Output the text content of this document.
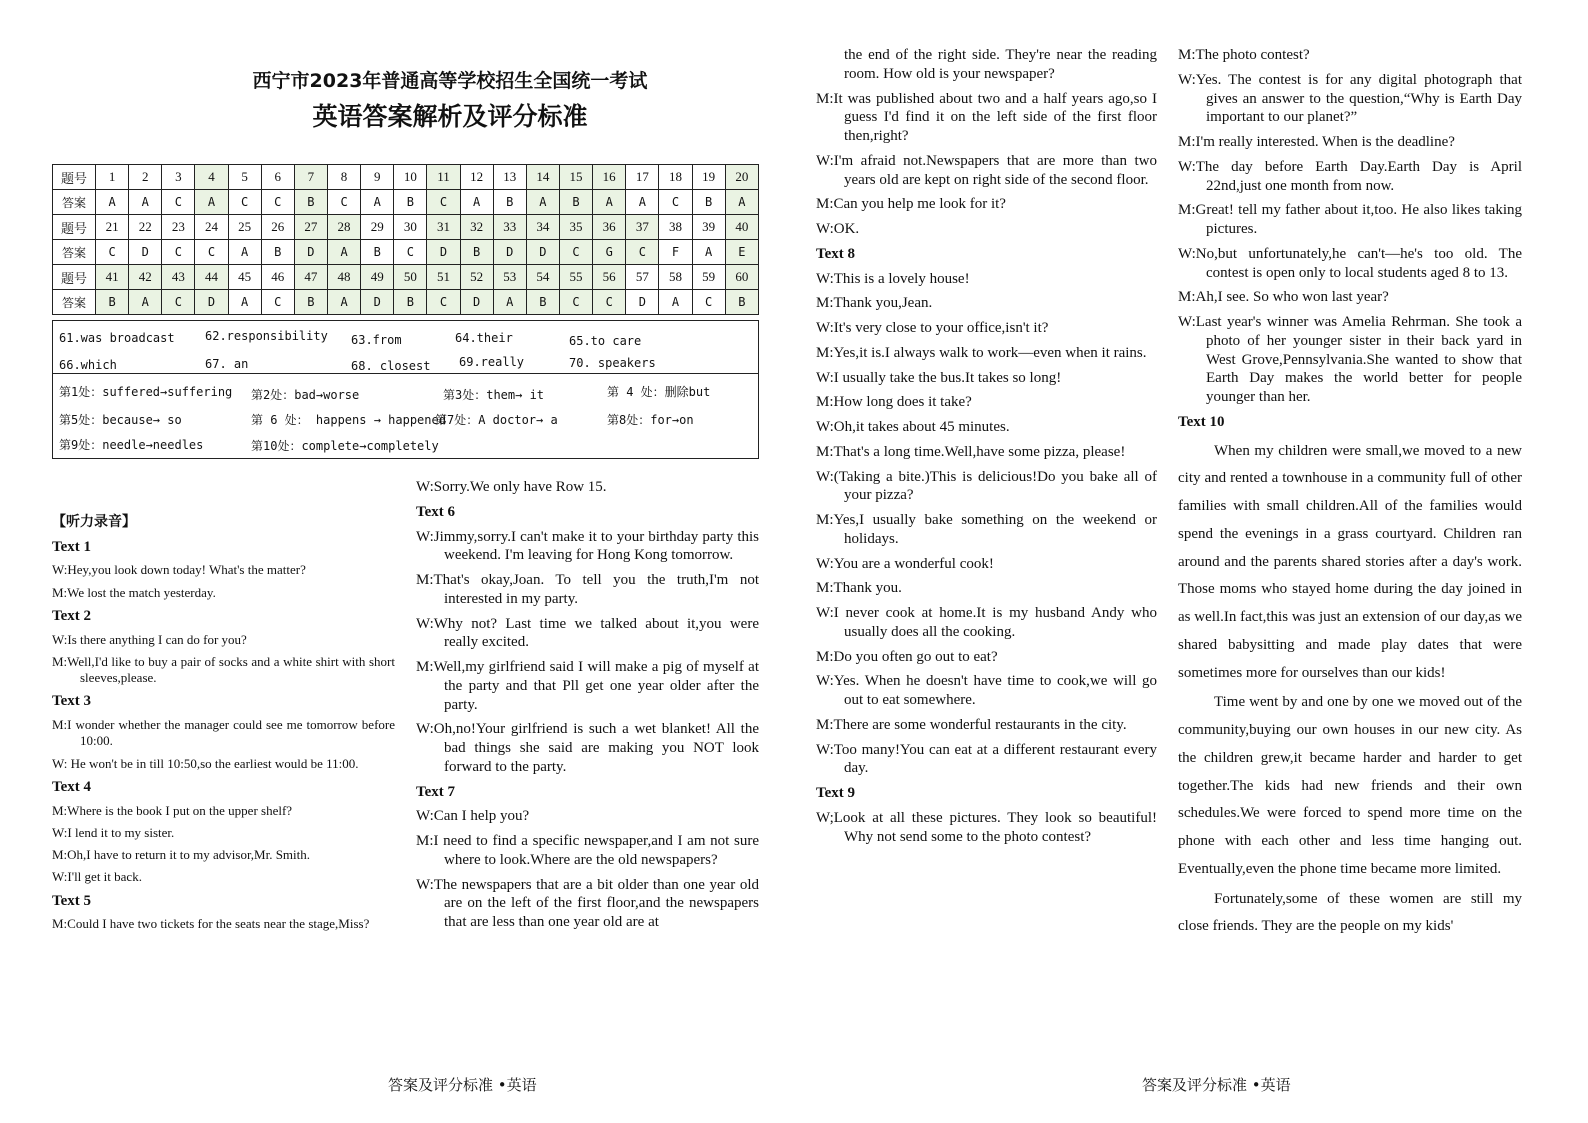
西宁市2023年普通高等学校招生全国统一考试
英语答案解析及评分标准
题号	1	2	3	4	5	6	7	8	9	10	11	12	13	14	15	16	17	18	19	20
答案	A	A	C	A	C	C	B	C	A	B	C	A	B	A	B	A	A	C	B	A
题号	21	22	23	24	25	26	27	28	29	30	31	32	33	34	35	36	37	38	39	40
答案	C	D	C	C	A	B	D	A	B	C	D	B	D	D	C	G	C	F	A	E
题号	41	42	43	44	45	46	47	48	49	50	51	52	53	54	55	56	57	58	59	60
答案	B	A	C	D	A	C	B	A	D	B	C	D	A	B	C	C	D	A	C	B
61.was broadcast	62.responsibility 63.from	64.their	65.to care
66.which	67. an	68. closest 69.really	70. speakers
第1处：suffered→suffering 第2处：bad→worse	第3处：them→ it	第 4 处：删除but
第5处：because→ so	第 6 处： happens → happened
第7处：A doctor→ a	第8处：for→on
第9处：needle→needles	第10处：complete→completely
【听力录音】
Text 1
W:Hey,you look down today! What's the matter?
M:We lost the match yesterday.
Text 2
W:Is there anything I can do for you?
M:Well,I'd like to buy a pair of socks and a white shirt with short sleeves,please.
Text 3
M:I wonder whether the manager could see me tomorrow before 10:00.
W: He won't be in till 10:50,so the earliest would be 11:00.
Text 4
M:Where is the book I put on the upper shelf?
W:I lend it to my sister.
M:Oh,I have to return it to my advisor,Mr. Smith.
W:I'll get it back.
Text 5
M:Could I have two tickets for the seats near the stage,Miss?
W:Sorry.We only have Row 15.
Text 6
W:Jimmy,sorry.I can't make it to your birthday party this weekend. I'm leaving for Hong Kong tomorrow.
M:That's okay,Joan. To tell you the truth,I'm not interested in my party.
W:Why not? Last time we talked about it,you were really excited.
M:Well,my girlfriend said I will make a pig of myself at the party and that Pll get one year older after the party.
W:Oh,no!Your girlfriend is such a wet blanket! All the bad things she said are making you NOT look forward to the party.
Text 7
W:Can I help you?
M:I need to find a specific newspaper,and I am not sure where to look.Where are the old newspapers?
W:The newspapers that are a bit older than one year old are on the left of the first floor,and the newspapers that are less than one year old are at
the end of the right side. They're near the reading room. How old is your newspaper?
M:It was published about two and a half years ago,so I guess I'd find it on the left side of the first floor then,right?
W:I'm afraid not.Newspapers that are more than two years old are kept on right side of the second floor.
M:Can you help me look for it?
W:OK.
Text 8
W:This is a lovely house!
M:Thank you,Jean.
W:It's very close to your office,isn't it?
M:Yes,it is.I always walk to work—even when it rains.
W:I usually take the bus.It takes so long!
M:How long does it take?
W:Oh,it takes about 45 minutes.
M:That's a long time.Well,have some pizza, please!
W:(Taking a bite.)This is delicious!Do you bake all of your pizza?
M:Yes,I usually bake something on the weekend or holidays.
W:You are a wonderful cook!
M:Thank you.
W:I never cook at home.It is my husband Andy who usually does all the cooking.
M:Do you often go out to eat?
W:Yes. When he doesn't have time to cook,we will go out to eat somewhere.
M:There are some wonderful restaurants in the city.
W:Too many!You can eat at a different restaurant every day.
Text 9
W;Look at all these pictures. They look so beautiful! Why not send some to the photo contest?
M:The photo contest?
W:Yes. The contest is for any digital photograph that gives an answer to the question,“Why is Earth Day important to our planet?”
M:I'm really interested. When is the deadline?
W:The day before Earth Day.Earth Day is April 22nd,just one month from now.
M:Great! tell my father about it,too. He also likes taking pictures.
W:No,but unfortunately,he can't—he's too old. The contest is open only to local students aged 8 to 13.
M:Ah,I see. So who won last year?
W:Last year's winner was Amelia Rehrman. She took a photo of her younger sister in their back yard in West Grove,Pennsylvania.She wanted to show that Earth Day makes the world better for people younger than her.
Text 10
When my children were small,we moved to a new city and rented a townhouse in a community full of other families with small children.All of the families would spend the evenings in a grass courtyard. Children ran around and the parents shared stories after a day's work. Those moms who stayed home during the day joined in as well.In fact,this was just an extension of our day,as we shared babysitting and made play dates that were sometimes more for ourselves than our kids!
Time went by and one by one we moved out of the community,buying our own houses in our new city. As the children grew,it became harder and harder to get together.The kids had new friends and their own schedules.We were forced to spend more time on the phone with each other and less time hanging out. Eventually,even the phone time became more limited.
Fortunately,some of these women are still my close friends. They are the people on my kids'
答案及评分标准 •英语	答案及评分标准 •英语
